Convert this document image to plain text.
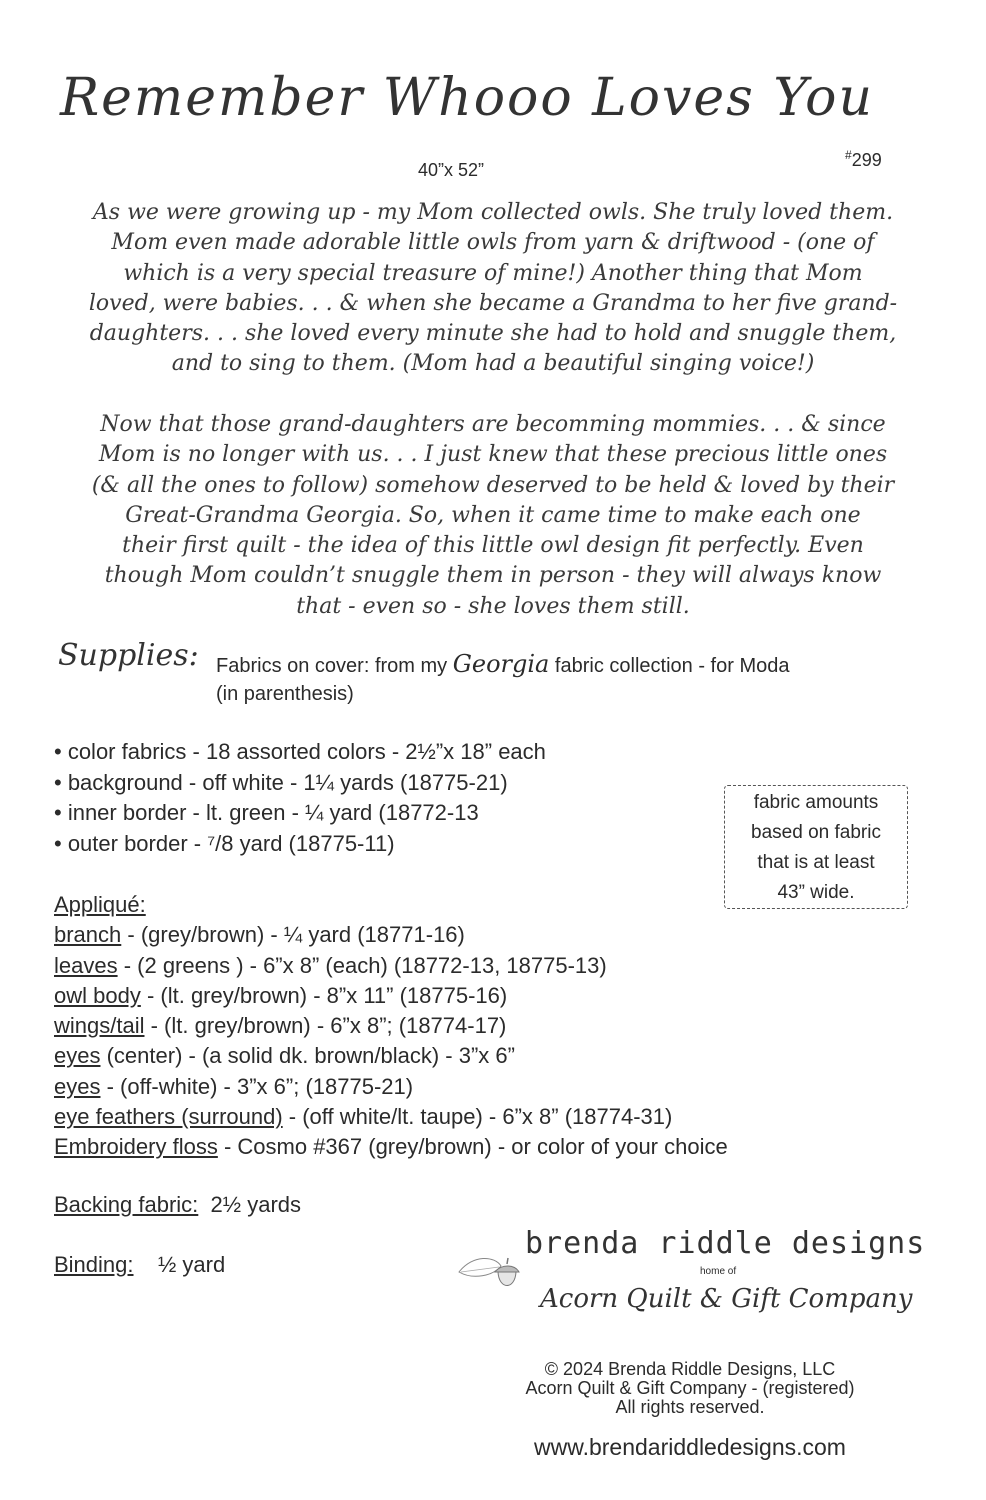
Remember Whooo Loves You
40”x 52”
#299
As we were growing up - my Mom collected owls. She truly loved them.
Mom even made adorable little owls from yarn & driftwood - (one of
which is a very special treasure of mine!) Another thing that Mom
loved, were babies. . . & when she became a Grandma to her five grand-
daughters. . . she loved every minute she had to hold and snuggle them,
and to sing to them. (Mom had a beautiful singing voice!)
Now that those grand-daughters are becomming mommies. . . & since
Mom is no longer with us. . . I just knew that these precious little ones
(& all the ones to follow) somehow deserved to be held & loved by their
Great-Grandma Georgia. So, when it came time to make each one
their first quilt - the idea of this little owl design fit perfectly. Even
though Mom couldn’t snuggle them in person - they will always know
that - even so - she loves them still.
Supplies: Fabrics on cover: from my Georgia fabric collection - for Moda
(in parenthesis)
• color fabrics - 18 assorted colors - 2½”x 18” each
• background - off white - 1¼ yards (18775-21)
• inner border - lt. green - ¼ yard (18772-13
• outer border - ⁷/8 yard (18775-11)
fabric amounts
based on fabric
that is at least
43” wide.
Appliqué:
branch - (grey/brown) - ¼ yard (18771-16)
leaves - (2 greens ) - 6”x 8” (each) (18772-13, 18775-13)
owl body - (lt. grey/brown) - 8”x 11” (18775-16)
wings/tail - (lt. grey/brown) - 6”x 8”; (18774-17)
eyes (center) - (a solid dk. brown/black) - 3”x 6”
eyes - (off-white) - 3”x 6”; (18775-21)
eye feathers (surround) - (off white/lt. taupe) - 6”x 8” (18774-31)
Embroidery floss - Cosmo #367 (grey/brown) - or color of your choice
Backing fabric: 2½ yards
Binding: ½ yard
brenda riddle designs
home of
Acorn Quilt & Gift Company
© 2024 Brenda Riddle Designs, LLC
Acorn Quilt & Gift Company - (registered)
All rights reserved.
www.brendariddledesigns.com
